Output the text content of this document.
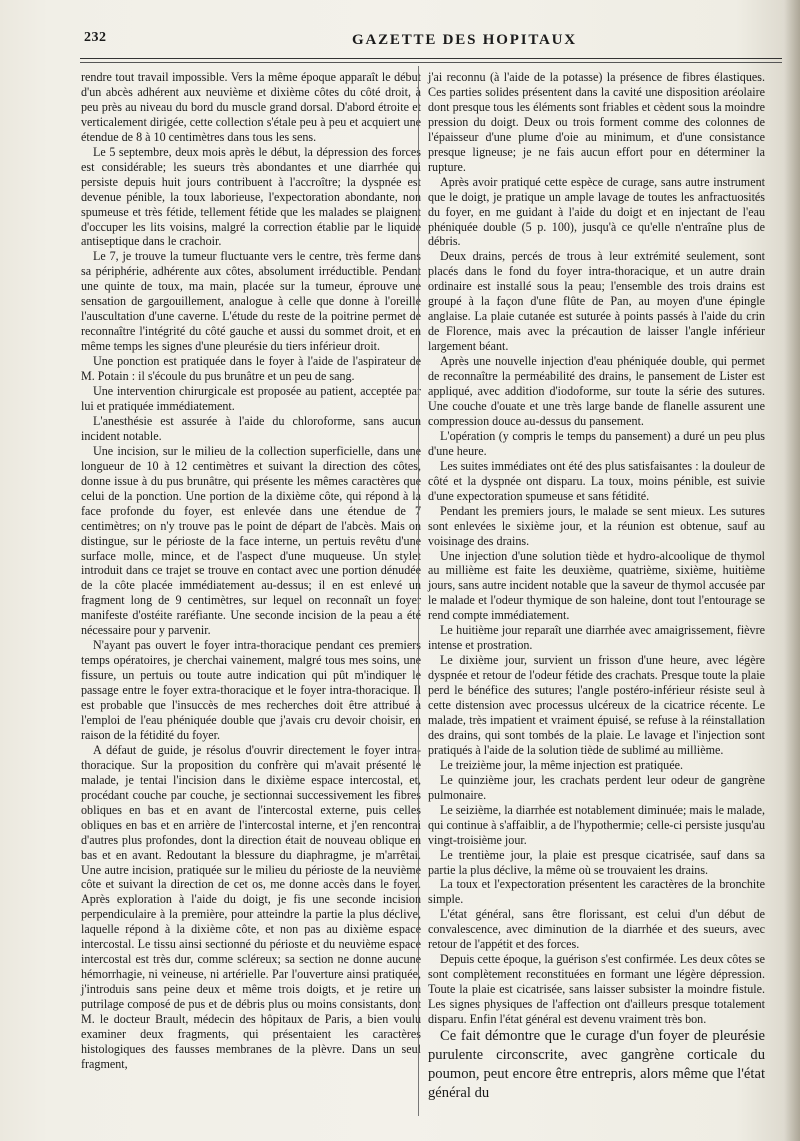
232	GAZETTE DES HOPITAUX

rendre tout travail impossible. Vers la même époque apparaît le début d'un abcès adhérent aux neuvième et dixième côtes du côté droit, à peu près au niveau du bord du muscle grand dorsal. D'abord étroite et verticalement dirigée, cette collection s'étale peu à peu et acquiert une étendue de 8 à 10 centimètres dans tous les sens.

Le 5 septembre, deux mois après le début, la dépression des forces est considérable; les sueurs très abondantes et une diarrhée qui persiste depuis huit jours contribuent à l'accroître; la dyspnée est devenue pénible, la toux laborieuse, l'expectoration abondante, non spumeuse et très fétide, tellement fétide que les malades se plaignent d'occuper les lits voisins, malgré la correction établie par le liquide antiseptique dans le crachoir.

Le 7, je trouve la tumeur fluctuante vers le centre, très ferme dans sa périphérie, adhérente aux côtes, absolument irréductible. Pendant une quinte de toux, ma main, placée sur la tumeur, éprouve une sensation de gargouillement, analogue à celle que donne à l'oreille l'auscultation d'une caverne. L'étude du reste de la poitrine permet de reconnaître l'intégrité du côté gauche et aussi du sommet droit, et en même temps les signes d'une pleurésie du tiers inférieur droit.

Une ponction est pratiquée dans le foyer à l'aide de l'aspirateur de M. Potain : il s'écoule du pus brunâtre et un peu de sang.

Une intervention chirurgicale est proposée au patient, acceptée par lui et pratiquée immédiatement.

L'anesthésie est assurée à l'aide du chloroforme, sans aucun incident notable.

Une incision, sur le milieu de la collection superficielle, dans une longueur de 10 à 12 centimètres et suivant la direction des côtes, donne issue à du pus brunâtre, qui présente les mêmes caractères que celui de la ponction. Une portion de la dixième côte, qui répond à la face profonde du foyer, est enlevée dans une étendue de 7 centimètres; on n'y trouve pas le point de départ de l'abcès. Mais on distingue, sur le périoste de la face interne, un pertuis revêtu d'une surface molle, mince, et de l'aspect d'une muqueuse. Un stylet introduit dans ce trajet se trouve en contact avec une portion dénudée de la côte placée immédiatement au-dessus; il en est enlevé un fragment long de 9 centimètres, sur lequel on reconnaît un foyer manifeste d'ostéite raréfiante. Une seconde incision de la peau a été nécessaire pour y parvenir.

N'ayant pas ouvert le foyer intra-thoracique pendant ces premiers temps opératoires, je cherchai vainement, malgré tous mes soins, une fissure, un pertuis ou toute autre indication qui pût m'indiquer le passage entre le foyer extra-thoracique et le foyer intra-thoracique. Il est probable que l'insuccès de mes recherches doit être attribué à l'emploi de l'eau phéniquée double que j'avais cru devoir choisir, en raison de la fétidité du foyer.

A défaut de guide, je résolus d'ouvrir directement le foyer intra-thoracique. Sur la proposition du confrère qui m'avait présenté le malade, je tentai l'incision dans le dixième espace intercostal, et, procédant couche par couche, je sectionnai successivement les fibres obliques en bas et en avant de l'intercostal externe, puis celles obliques en bas et en arrière de l'intercostal interne, et j'en rencontrai d'autres plus profondes, dont la direction était de nouveau oblique en bas et en avant. Redoutant la blessure du diaphragme, je m'arrêtai. Une autre incision, pratiquée sur le milieu du périoste de la neuvième côte et suivant la direction de cet os, me donne accès dans le foyer. Après exploration à l'aide du doigt, je fis une seconde incision perpendiculaire à la première, pour atteindre la partie la plus déclive, laquelle répond à la dixième côte, et non pas au dixième espace intercostal. Le tissu ainsi sectionné du périoste et du neuvième espace intercostal est très dur, comme scléreux; sa section ne donne aucune hémorrhagie, ni veineuse, ni artérielle. Par l'ouverture ainsi pratiquée, j'introduis sans peine deux et même trois doigts, et je retire un putrilage composé de pus et de débris plus ou moins consistants, dont M. le docteur Brault, médecin des hôpitaux de Paris, a bien voulu examiner deux fragments, qui présentaient les caractères histologiques des fausses membranes de la plèvre. Dans un seul fragment,

j'ai reconnu (à l'aide de la potasse) la présence de fibres élastiques. Ces parties solides présentent dans la cavité une disposition aréolaire dont presque tous les éléments sont friables et cèdent sous la moindre pression du doigt. Deux ou trois forment comme des colonnes de l'épaisseur d'une plume d'oie au minimum, et d'une consistance presque ligneuse; je ne fais aucun effort pour en déterminer la rupture.

Après avoir pratiqué cette espèce de curage, sans autre instrument que le doigt, je pratique un ample lavage de toutes les anfractuosités du foyer, en me guidant à l'aide du doigt et en injectant de l'eau phéniquée double (5 p. 100), jusqu'à ce qu'elle n'entraîne plus de débris.

Deux drains, percés de trous à leur extrémité seulement, sont placés dans le fond du foyer intra-thoracique, et un autre drain ordinaire est installé sous la peau; l'ensemble des trois drains est groupé à la façon d'une flûte de Pan, au moyen d'une épingle anglaise. La plaie cutanée est suturée à points passés à l'aide du crin de Florence, mais avec la précaution de laisser l'angle inférieur largement béant.

Après une nouvelle injection d'eau phéniquée double, qui permet de reconnaître la perméabilité des drains, le pansement de Lister est appliqué, avec addition d'iodoforme, sur toute la série des sutures. Une couche d'ouate et une très large bande de flanelle assurent une compression douce au-dessus du pansement.

L'opération (y compris le temps du pansement) a duré un peu plus d'une heure.

Les suites immédiates ont été des plus satisfaisantes : la douleur de côté et la dyspnée ont disparu. La toux, moins pénible, est suivie d'une expectoration spumeuse et sans fétidité.

Pendant les premiers jours, le malade se sent mieux. Les sutures sont enlevées le sixième jour, et la réunion est obtenue, sauf au voisinage des drains.

Une injection d'une solution tiède et hydro-alcoolique de thymol au millième est faite les deuxième, quatrième, sixième, huitième jours, sans autre incident notable que la saveur de thymol accusée par le malade et l'odeur thymique de son haleine, dont tout l'entourage se rend compte immédiatement.

Le huitième jour reparaît une diarrhée avec amaigrissement, fièvre intense et prostration.

Le dixième jour, survient un frisson d'une heure, avec légère dyspnée et retour de l'odeur fétide des crachats. Presque toute la plaie perd le bénéfice des sutures; l'angle postéro-inférieur résiste seul à cette distension avec processus ulcéreux de la cicatrice récente. Le malade, très impatient et vraiment épuisé, se refuse à la réinstallation des drains, qui sont tombés de la plaie. Le lavage et l'injection sont pratiqués à l'aide de la solution tiède de sublimé au millième.

Le treizième jour, la même injection est pratiquée.

Le quinzième jour, les crachats perdent leur odeur de gangrène pulmonaire.

Le seizième, la diarrhée est notablement diminuée; mais le malade, qui continue à s'affaiblir, a de l'hypothermie; celle-ci persiste jusqu'au vingt-troisième jour.

Le trentième jour, la plaie est presque cicatrisée, sauf dans sa partie la plus déclive, la même où se trouvaient les drains.

La toux et l'expectoration présentent les caractères de la bronchite simple.

L'état général, sans être florissant, est celui d'un début de convalescence, avec diminution de la diarrhée et des sueurs, avec retour de l'appétit et des forces.

Depuis cette époque, la guérison s'est confirmée. Les deux côtes se sont complètement reconstituées en formant une légère dépression. Toute la plaie est cicatrisée, sans laisser subsister la moindre fistule. Les signes physiques de l'affection ont d'ailleurs presque totalement disparu. Enfin l'état général est devenu vraiment très bon.

Ce fait démontre que le curage d'un foyer de pleurésie purulente circonscrite, avec gangrène corticale du poumon, peut encore être entrepris, alors même que l'état général du
